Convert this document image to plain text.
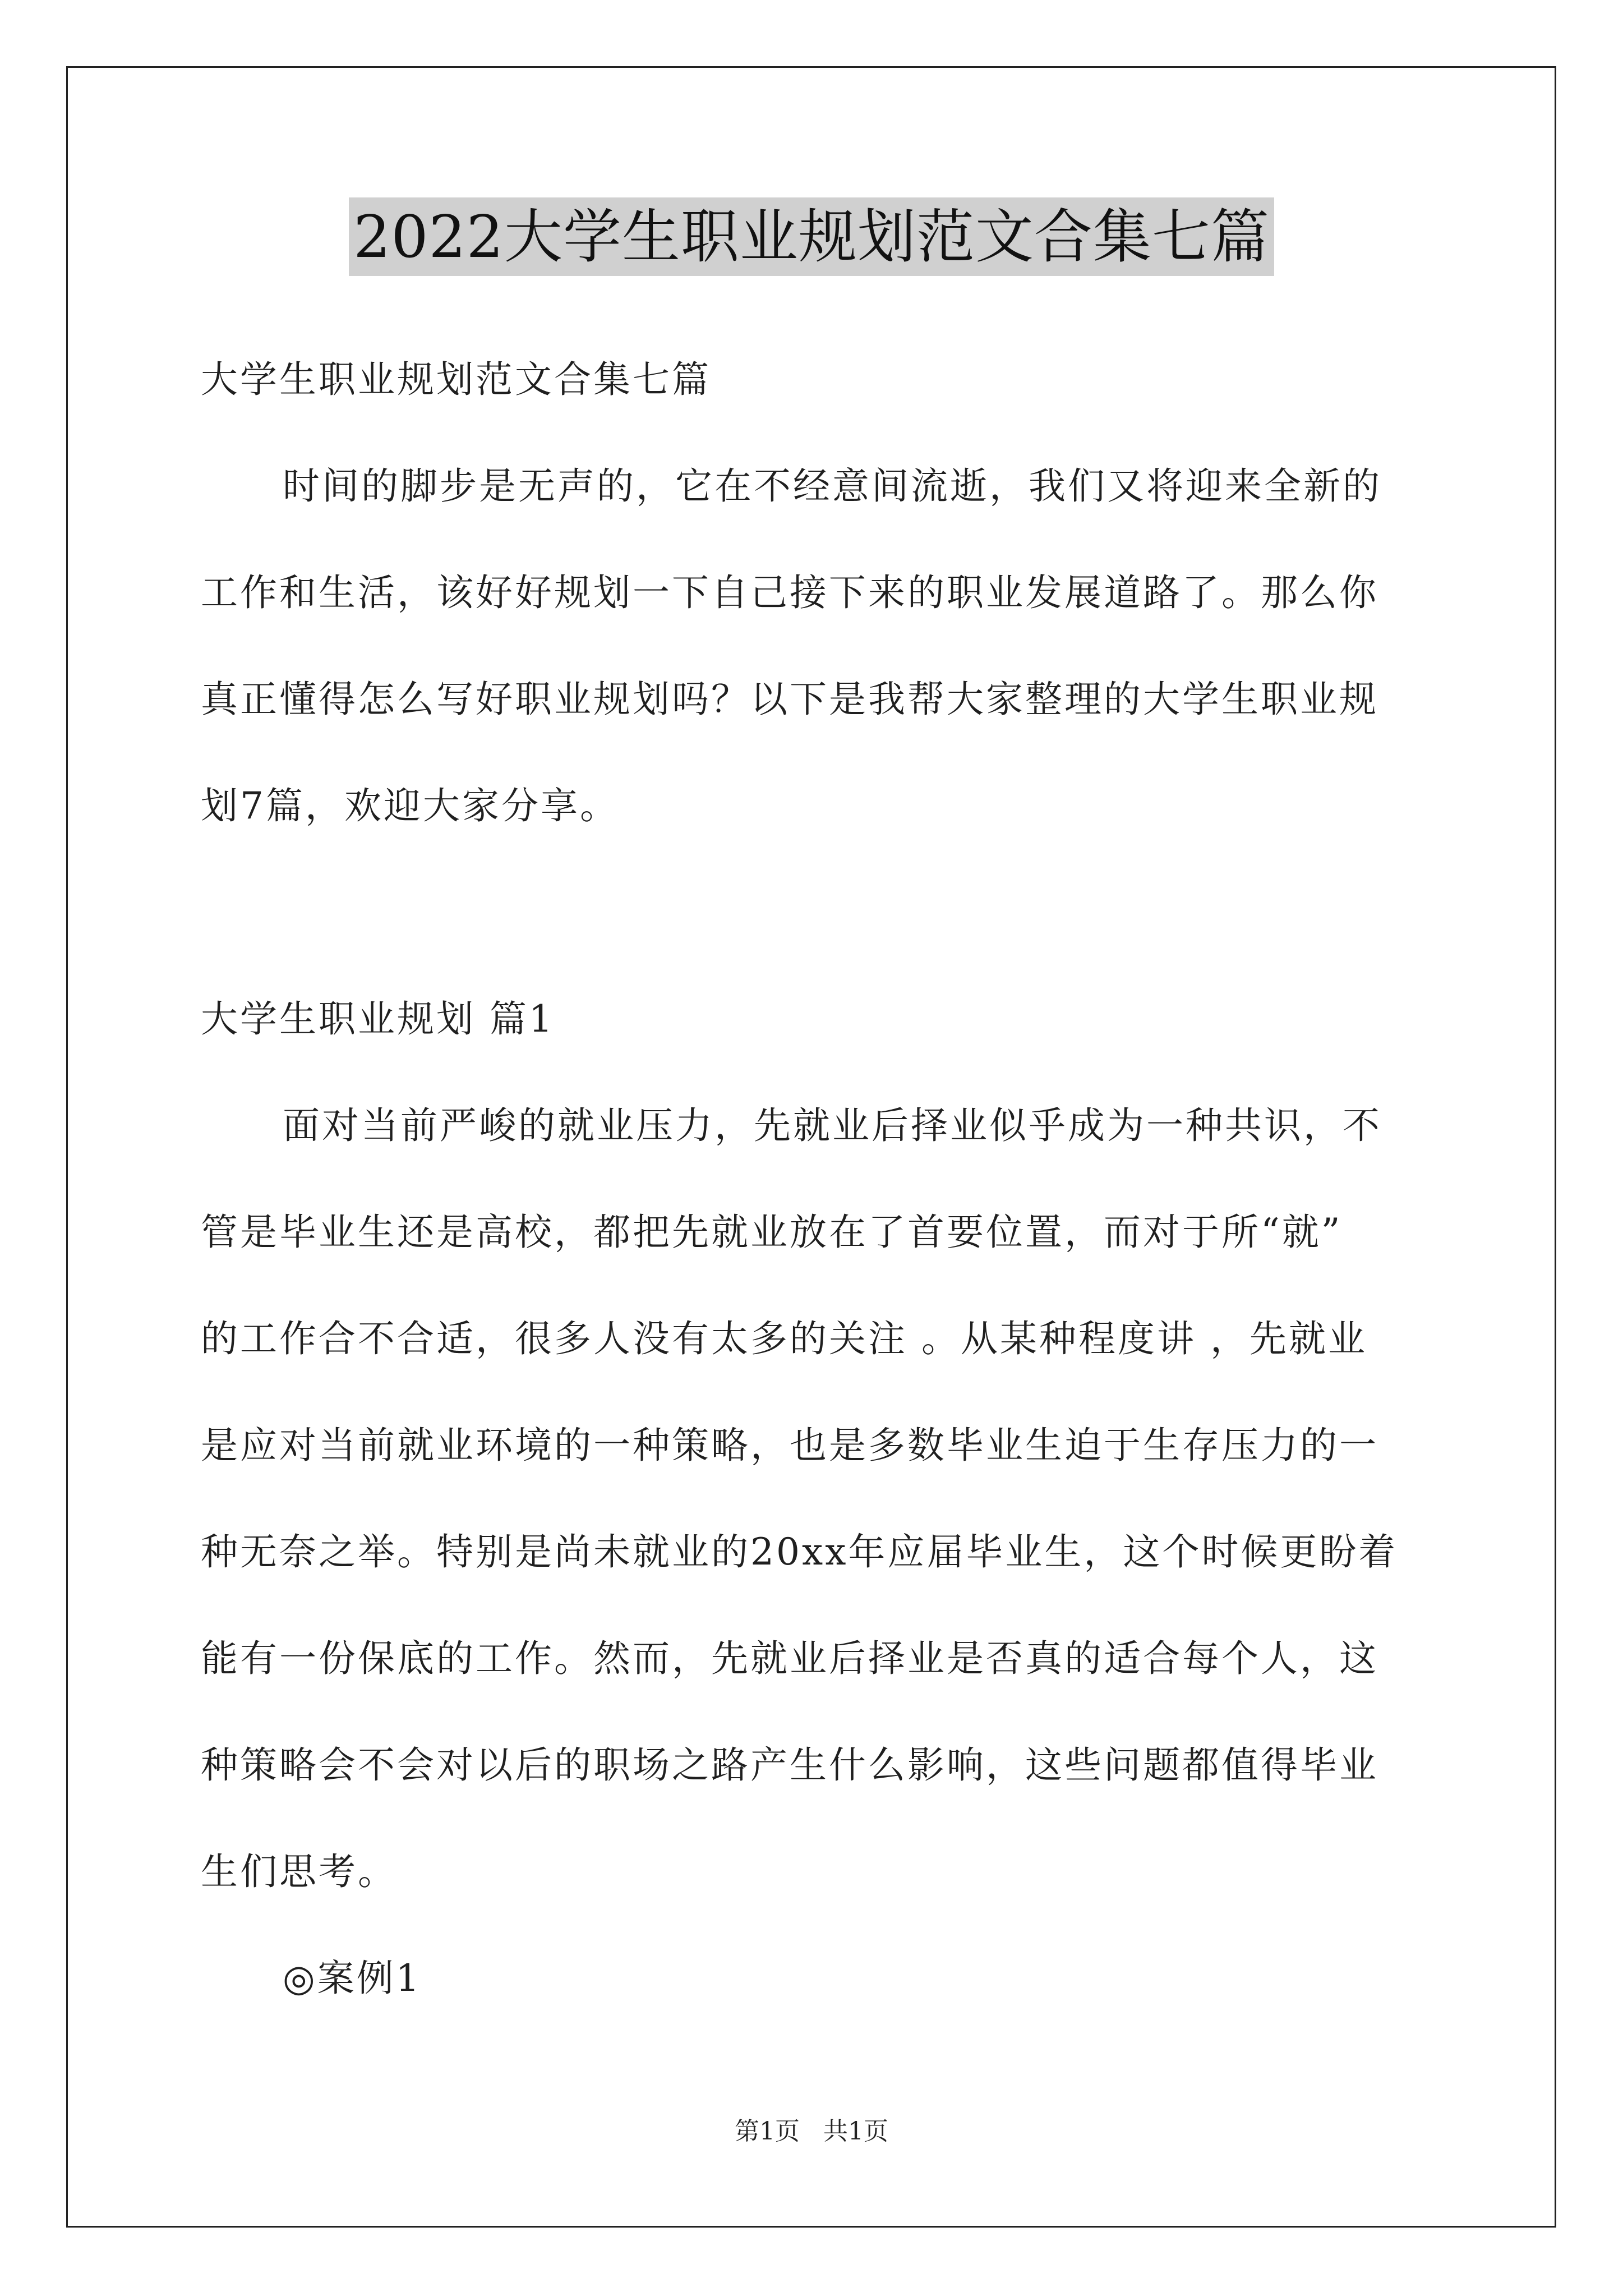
2022大学生职业规划范文合集七篇
大学生职业规划范文合集七篇
时间的脚步是无声的，它在不经意间流逝，我们又将迎来全新的
工作和生活，该好好规划一下自己接下来的职业发展道路了。那么你
真正懂得怎么写好职业规划吗？以下是我帮大家整理的大学生职业规
划7篇，欢迎大家分享。
大学生职业规划 篇1
面对当前严峻的就业压力，先就业后择业似乎成为一种共识，不
管是毕业生还是高校，都把先就业放在了首要位置，而对于所“就”
的工作合不合适，很多人没有太多的关注 。从某种程度讲 ，先就业
是应对当前就业环境的一种策略，也是多数毕业生迫于生存压力的一
种无奈之举。特别是尚未就业的20xx年应届毕业生，这个时候更盼着
能有一份保底的工作。然而，先就业后择业是否真的适合每个人，这
种策略会不会对以后的职场之路产生什么影响，这些问题都值得毕业
生们思考。
◎案例1
第1页   共1页
